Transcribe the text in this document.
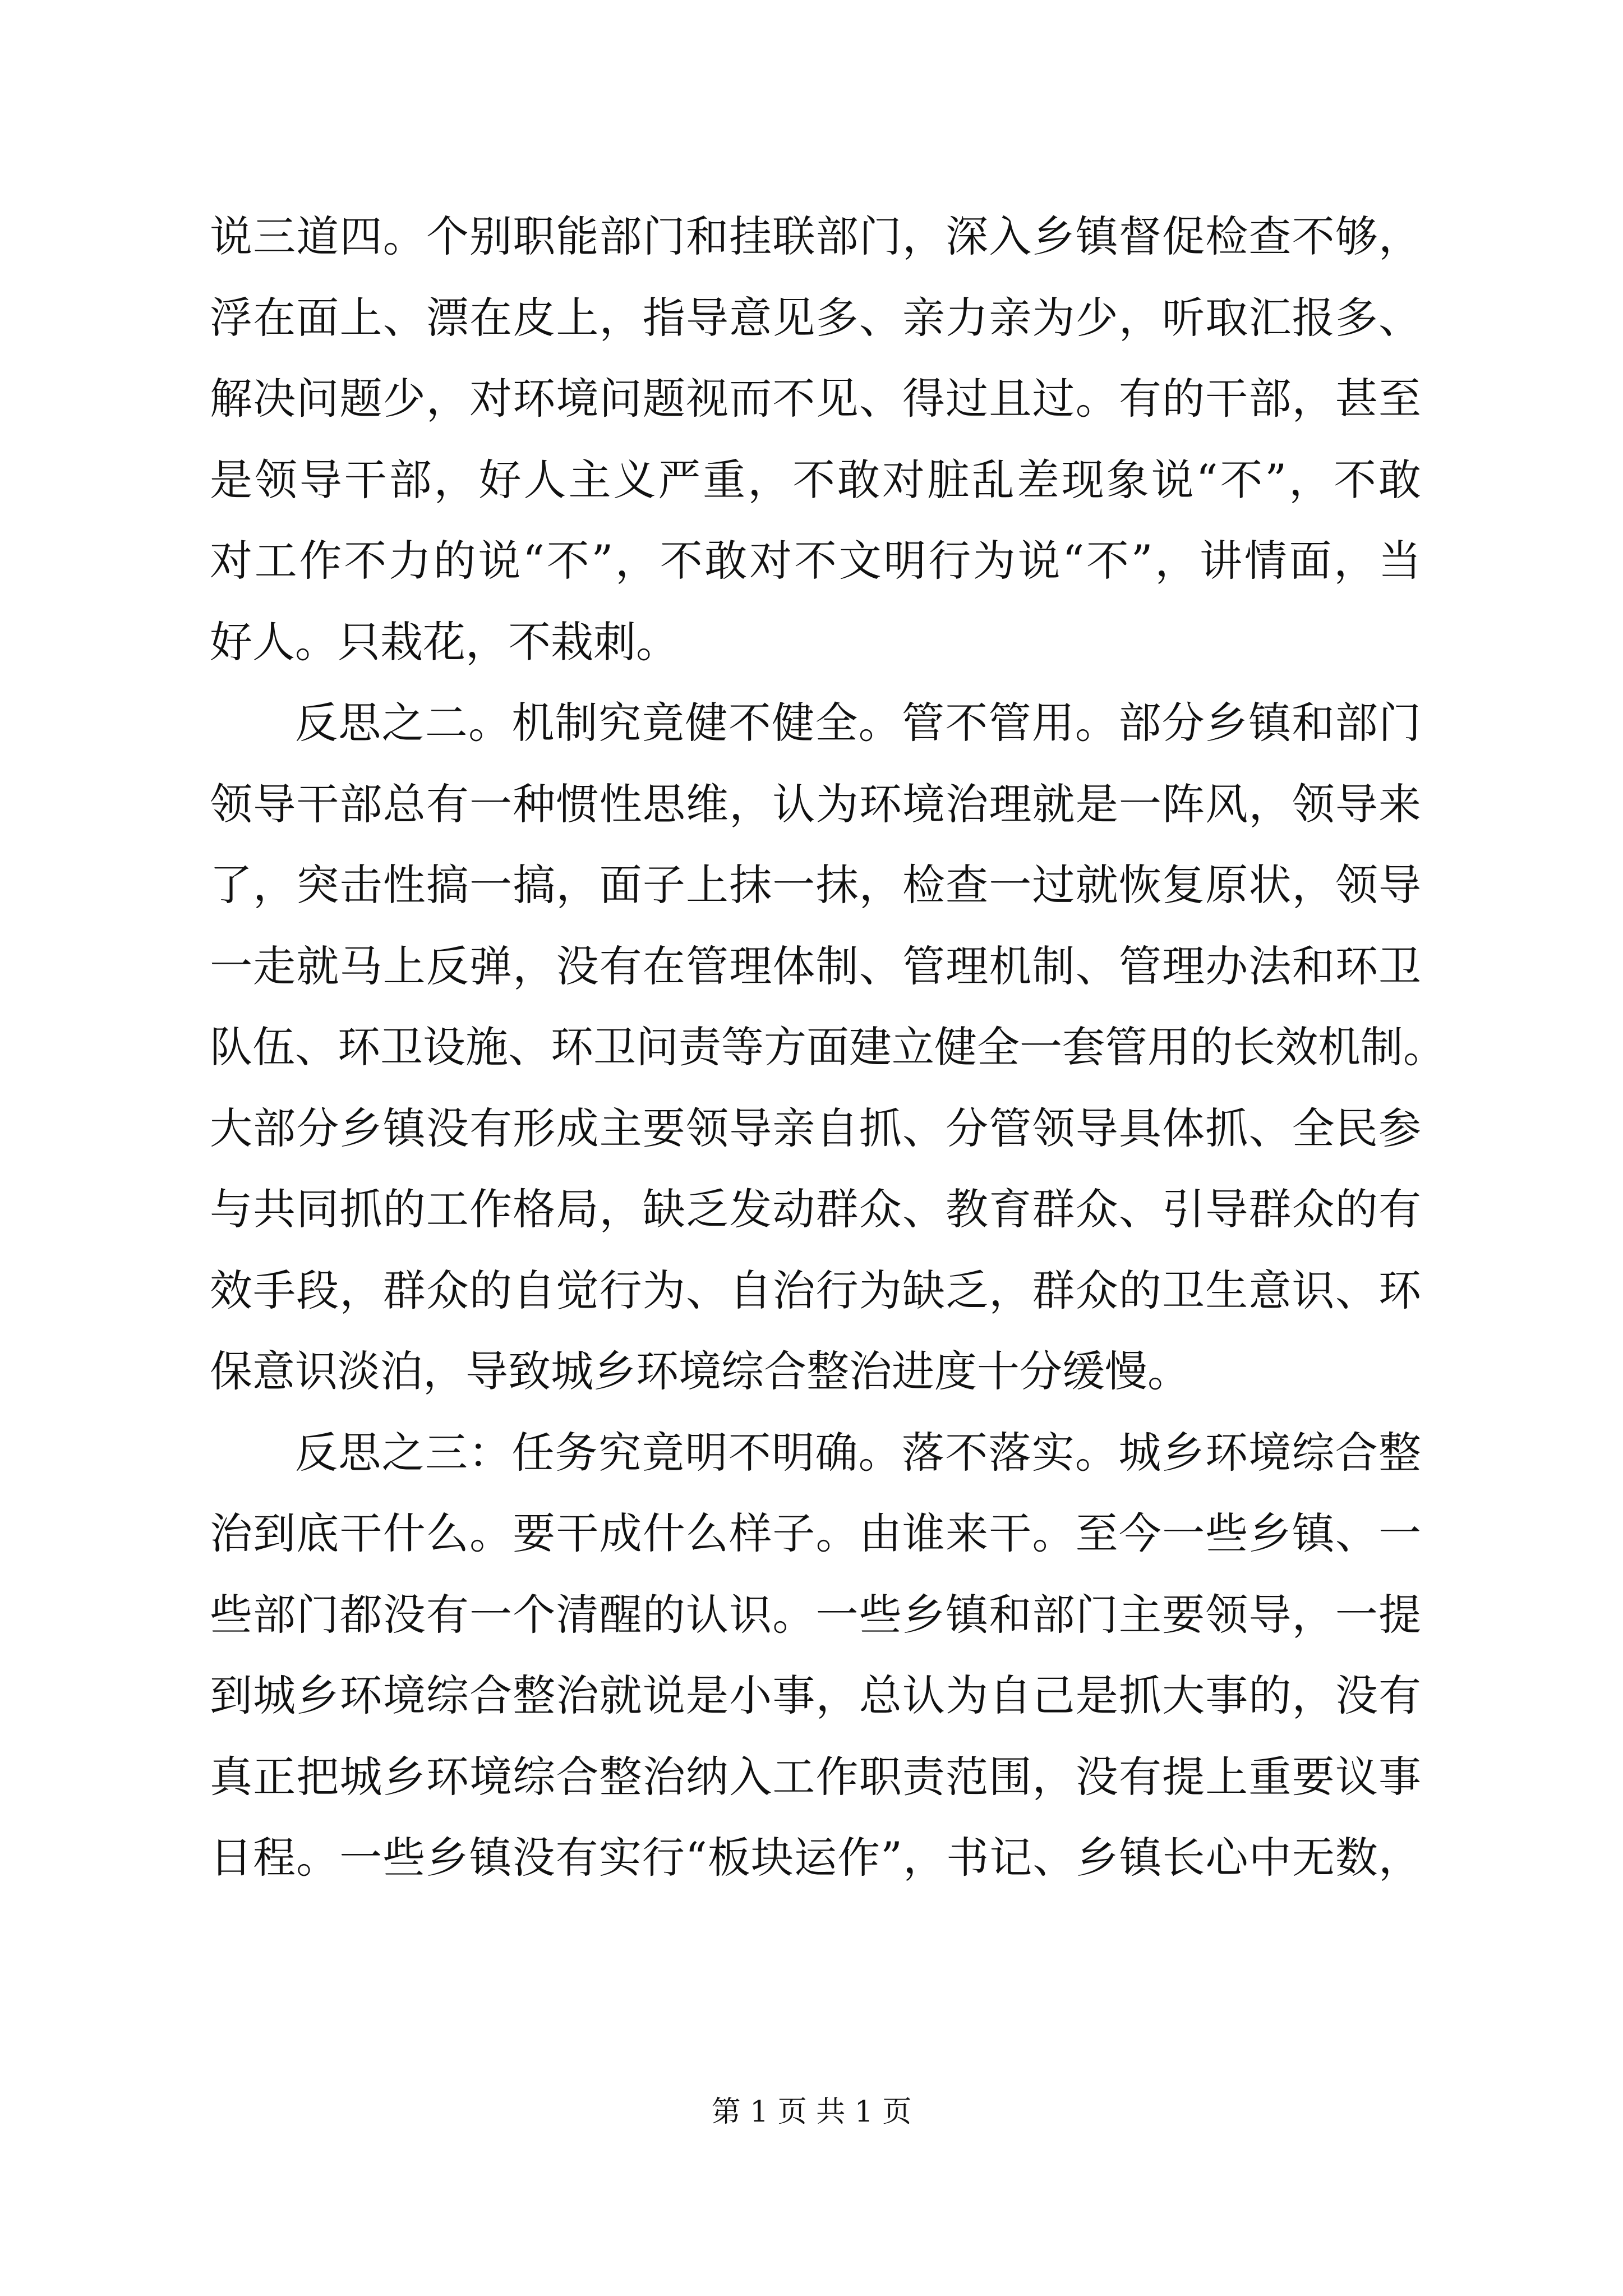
说三道四。个别职能部门和挂联部门，深入乡镇督促检查不够，
浮在面上、漂在皮上，指导意见多、亲力亲为少，听取汇报多、
解决问题少，对环境问题视而不见、得过且过。有的干部，甚至
是领导干部，好人主义严重，不敢对脏乱差现象说“不”，不敢
对工作不力的说“不”，不敢对不文明行为说“不”，讲情面，当
好人。只栽花，不栽刺。
反思之二。机制究竟健不健全。管不管用。部分乡镇和部门
领导干部总有一种惯性思维，认为环境治理就是一阵风，领导来
了，突击性搞一搞，面子上抹一抹，检查一过就恢复原状，领导
一走就马上反弹，没有在管理体制、管理机制、管理办法和环卫
队伍、环卫设施、环卫问责等方面建立健全一套管用的长效机制。
大部分乡镇没有形成主要领导亲自抓、分管领导具体抓、全民参
与共同抓的工作格局，缺乏发动群众、教育群众、引导群众的有
效手段，群众的自觉行为、自治行为缺乏，群众的卫生意识、环
保意识淡泊，导致城乡环境综合整治进度十分缓慢。
反思之三：任务究竟明不明确。落不落实。城乡环境综合整
治到底干什么。要干成什么样子。由谁来干。至今一些乡镇、一
些部门都没有一个清醒的认识。一些乡镇和部门主要领导，一提
到城乡环境综合整治就说是小事，总认为自己是抓大事的，没有
真正把城乡环境综合整治纳入工作职责范围，没有提上重要议事
日程。一些乡镇没有实行“板块运作”，书记、乡镇长心中无数，
第 1 页 共 1 页
